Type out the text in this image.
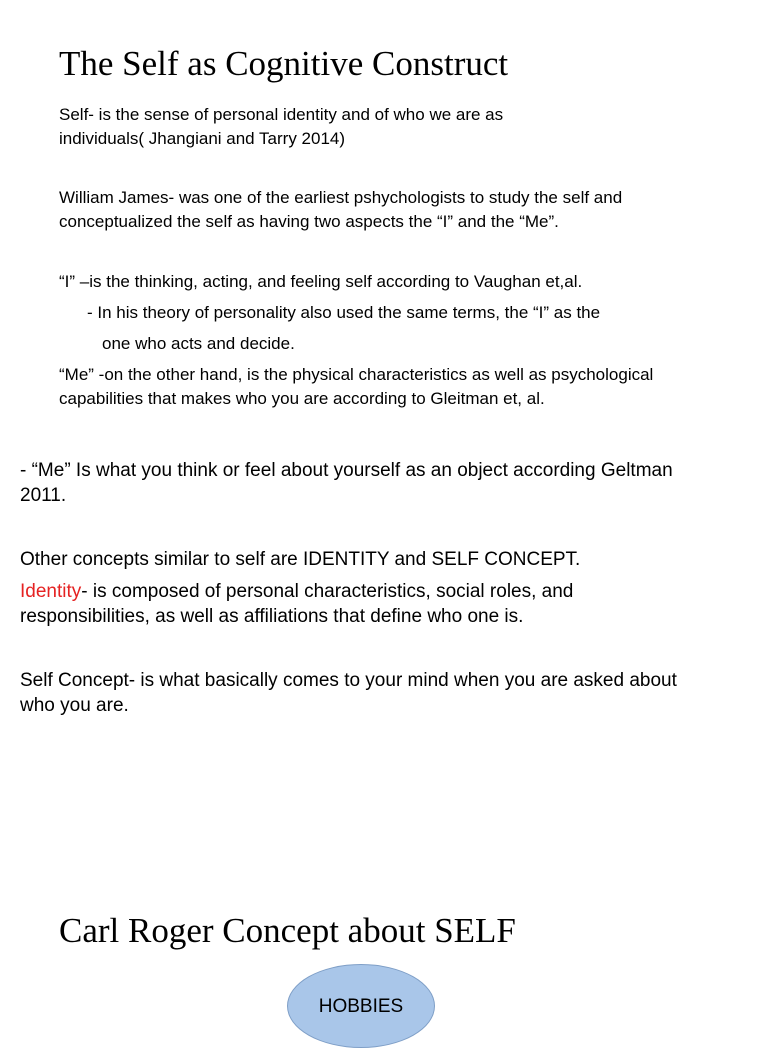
The Self as Cognitive Construct

Self- is the sense of personal identity and of who we are as
individuals( Jhangiani and Tarry 2014)

William James- was one of the earliest pshychologists to study the self and
conceptualized the self as having two aspects the “I” and the “Me”.

“I” –is the thinking, acting, and feeling self according to Vaughan et,al.

- In his theory of personality also used the same terms, the “I” as the

one who acts and decide.

“Me” -on the other hand, is the physical characteristics as well as psychological
capabilities that makes who you are according to Gleitman et, al.

- “Me” Is what you think or feel about yourself as an object according Geltman
2011.

Other concepts similar to self are IDENTITY and SELF CONCEPT.

Identity- is composed of personal characteristics, social roles, and
responsibilities, as well as affiliations that define who one is.

Self Concept- is what basically comes to your mind when you are asked about
who you are.

Carl Roger Concept about SELF
HOBBIES
